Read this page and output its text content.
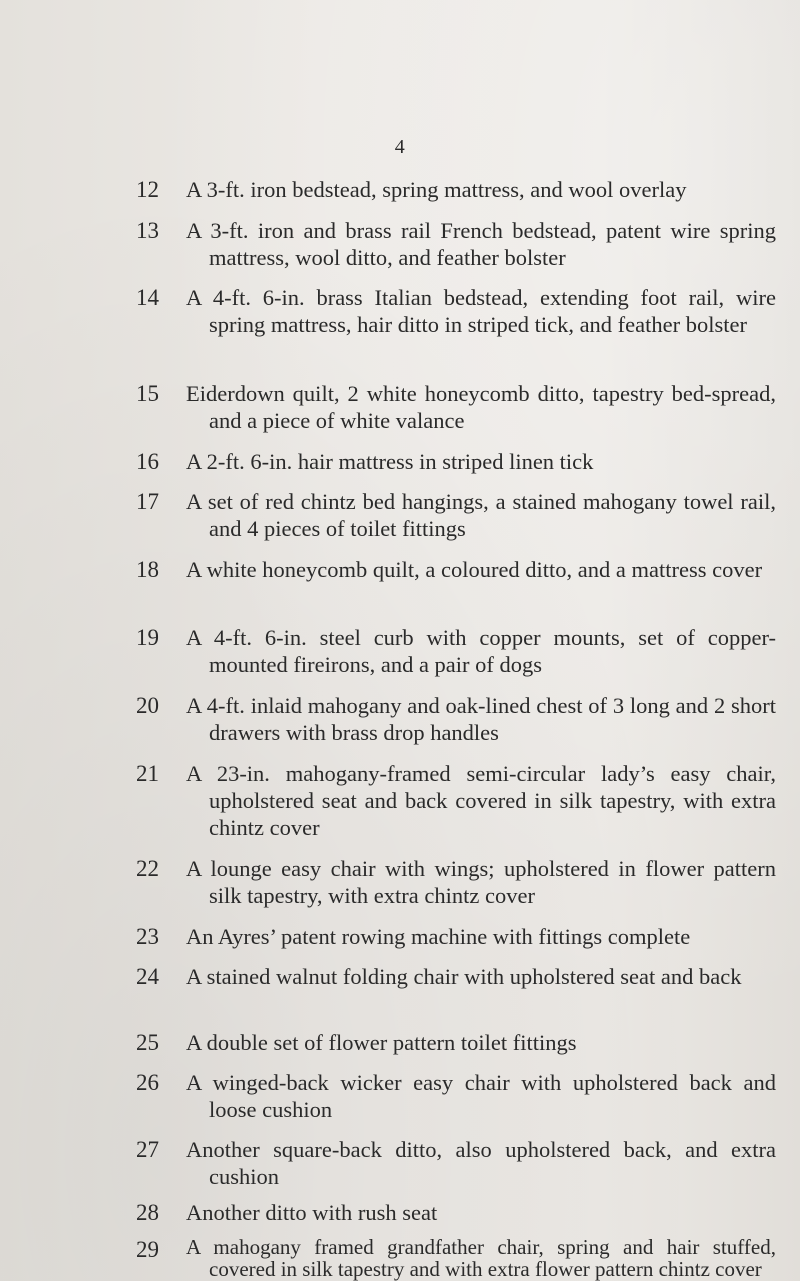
4
12	A 3-ft. iron bedstead, spring mattress, and wool overlay
13	A 3-ft. iron and brass rail French bedstead, patent wire spring mattress, wool ditto, and feather bolster
14	A 4-ft. 6-in. brass Italian bedstead, extending foot rail, wire spring mattress, hair ditto in striped tick, and feather bolster
15	Eiderdown quilt, 2 white honeycomb ditto, tapestry bed-spread, and a piece of white valance
16	A 2-ft. 6-in. hair mattress in striped linen tick
17	A set of red chintz bed hangings, a stained mahogany towel rail, and 4 pieces of toilet fittings
18	A white honeycomb quilt, a coloured ditto, and a mattress cover
19	A 4-ft. 6-in. steel curb with copper mounts, set of copper-mounted fireirons, and a pair of dogs
20	A 4-ft. inlaid mahogany and oak-lined chest of 3 long and 2 short drawers with brass drop handles
21	A 23-in. mahogany-framed semi-circular lady’s easy chair, upholstered seat and back covered in silk tapestry, with extra chintz cover
22	A lounge easy chair with wings; upholstered in flower pattern silk tapestry, with extra chintz cover
23	An Ayres’ patent rowing machine with fittings complete
24	A stained walnut folding chair with upholstered seat and back
25	A double set of flower pattern toilet fittings
26	A winged-back wicker easy chair with upholstered back and loose cushion
27	Another square-back ditto, also upholstered back, and extra cushion
28	Another ditto with rush seat
29	A mahogany framed grandfather chair, spring and hair stuffed, covered in silk tapestry and with extra flower pattern chintz cover
